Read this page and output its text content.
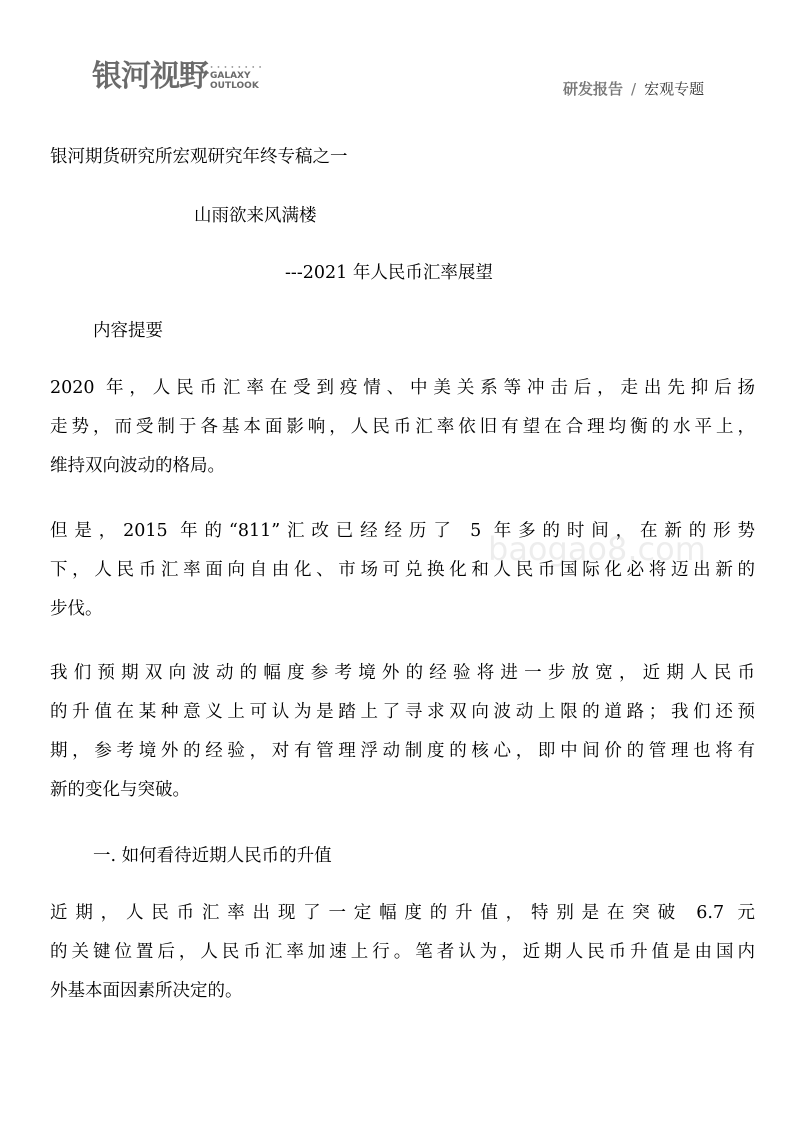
银河视野 • • • • • • • •
GALAXY
OUTLOOK	研发报告 / 宏观专题
银河期货研究所宏观研究年终专稿之一
山雨欲来风满楼
---2021 年人民币汇率展望
内容提要
2020 年，人民币汇率在受到疫情、中美关系等冲击后，走出先抑后扬
走势，而受制于各基本面影响，人民币汇率依旧有望在合理均衡的水平上，
维持双向波动的格局。
但是，2015 年的“811”汇改已经经历了 5 年多的时间，在新的形势
下，人民币汇率面向自由化、市场可兑换化和人民币国际化必将迈出新的
步伐。
我们预期双向波动的幅度参考境外的经验将进一步放宽，近期人民币
的升值在某种意义上可认为是踏上了寻求双向波动上限的道路；我们还预
期，参考境外的经验，对有管理浮动制度的核心，即中间价的管理也将有
新的变化与突破。
一. 如何看待近期人民币的升值
近期，人民币汇率出现了一定幅度的升值，特别是在突破 6.7 元
的关键位置后，人民币汇率加速上行。笔者认为，近期人民币升值是由国内
外基本面因素所决定的。
baogao8.com
